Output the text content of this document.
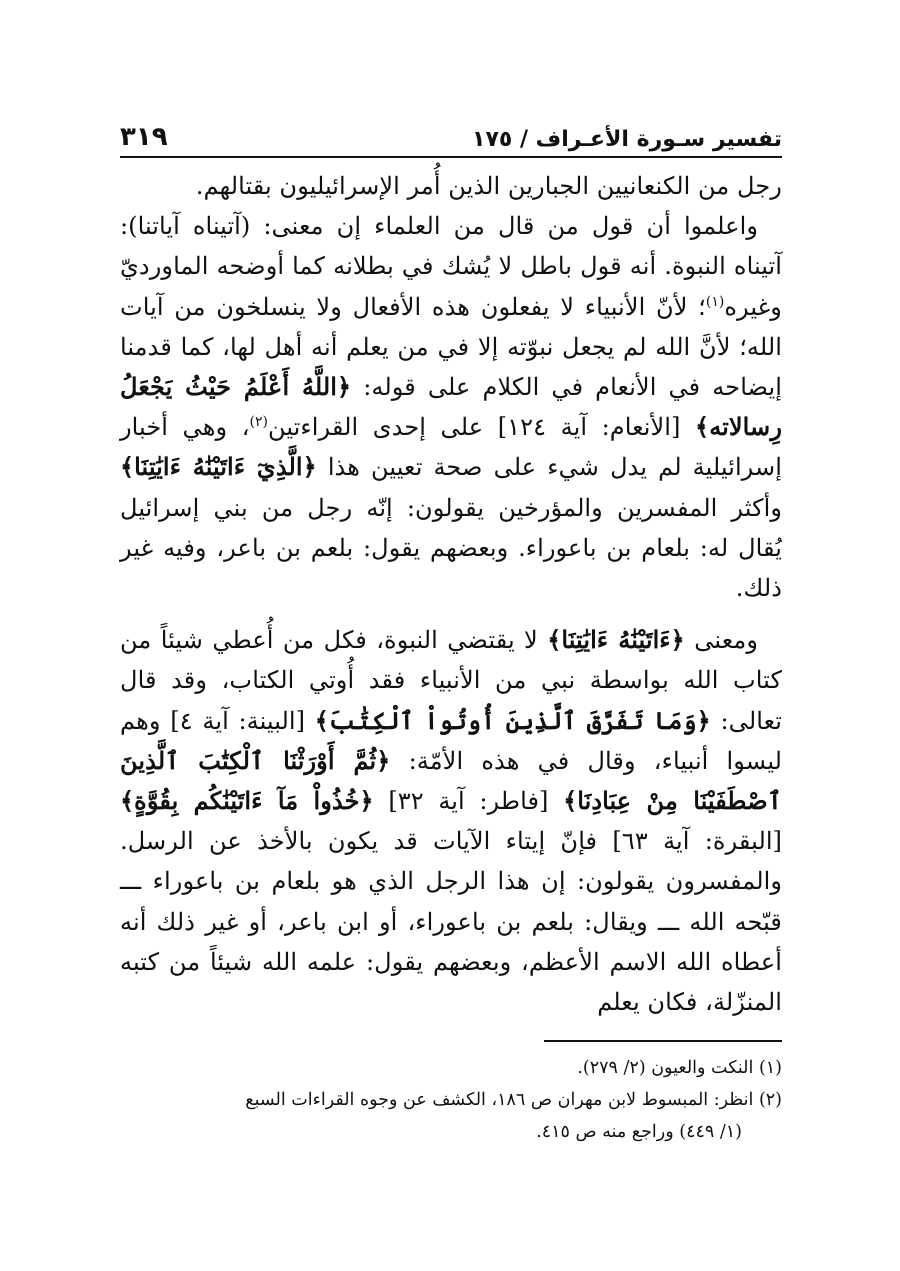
تفسير سـورة الأعـراف / ١٧٥
٣١٩

رجل من الكنعانيين الجبارين الذين أُمر الإسرائيليون بقتالهم.

واعلموا أن قول من قال من العلماء إن معنى: (آتيناه آياتنا): آتيناه النبوة. أنه قول باطل لا يُشك في بطلانه كما أوضحه الماورديّ وغيره$^{(١)}$؛ لأنّ الأنبياء لا يفعلون هذه الأفعال ولا ينسلخون من آيات الله؛ لأنَّ الله لم يجعل نبوّته إلا في من يعلم أنه أهل لها، كما قدمنا إيضاحه في الأنعام في الكلام على قوله: ﴿اللَّهُ أَعْلَمُ حَيْثُ يَجْعَلُ رِسالاته﴾ [الأنعام: آية ١٢٤] على إحدى القراءتين$^{(٢)}$، وهي أخبار إسرائيلية لم يدل شيء على صحة تعيين هذا ﴿الَّذِيٓ ءَاتَيْنَٰهُ ءَايَٰتِنَا﴾ وأكثر المفسرين والمؤرخين يقولون: إنّه رجل من بني إسرائيل يُقال له: بلعام بن باعوراء. وبعضهم يقول: بلعم بن باعر، وفيه غير ذلك.

ومعنى ﴿ءَاتَيْنَٰهُ ءَايَٰتِنَا﴾ لا يقتضي النبوة، فكل من أُعطي شيئاً من كتاب الله بواسطة نبي من الأنبياء فقد أُوتي الكتاب، وقد قال تعالى: ﴿وَمَا تَفَرَّقَ ٱلَّذِينَ أُوتُواْ ٱلْكِتَٰبَ﴾ [البينة: آية ٤] وهم ليسوا أنبياء، وقال في هذه الأمّة: ﴿ثُمَّ أَوْرَثْنَا ٱلْكِتَٰبَ ٱلَّذِينَ ٱصْطَفَيْنَا مِنْ عِبَادِنَا﴾ [فاطر: آية ٣٢] ﴿خُذُواْ مَآ ءَاتَيْنَٰكُم بِقُوَّةٍ﴾ [البقرة: آية ٦٣] فإنّ إيتاء الآيات قد يكون بالأخذ عن الرسل. والمفسرون يقولون: إن هذا الرجل الذي هو بلعام بن باعوراء ـــ قبّحه الله ـــ ويقال: بلعم بن باعوراء، أو ابن باعر، أو غير ذلك أنه أعطاه الله الاسم الأعظم، وبعضهم يقول: علمه الله شيئاً من كتبه المنزّلة، فكان يعلم

(١) النكت والعيون (٢/ ٢٧٩).

(٢) انظر: المبسوط لابن مهران ص ١٨٦، الكشف عن وجوه القراءات السبع
(١/ ٤٤٩) وراجع منه ص ٤١٥.
